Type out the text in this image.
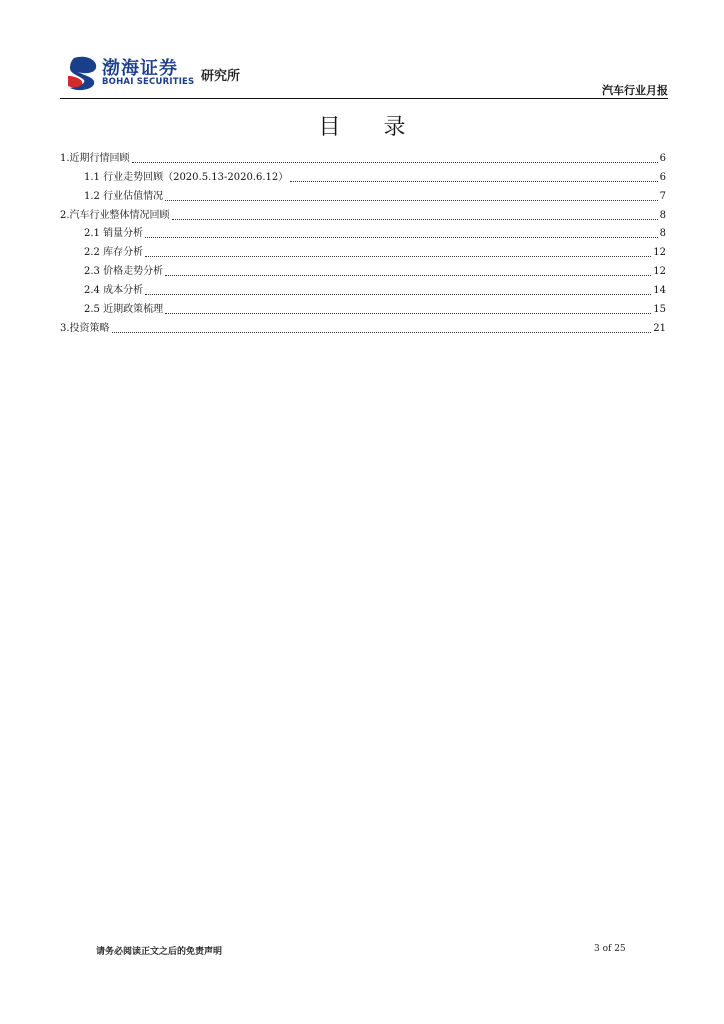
渤海证券
BOHAI SECURITIES 研究所
汽车行业月报
目 录
1.近期行情回顾	6
1.1 行业走势回顾（2020.5.13-2020.6.12）	6
1.2 行业估值情况	7
2.汽车行业整体情况回顾	8
2.1 销量分析	8
2.2 库存分析	12
2.3 价格走势分析	12
2.4 成本分析	14
2.5 近期政策梳理	15
3.投资策略	21
请务必阅读正文之后的免责声明	3 of 25
